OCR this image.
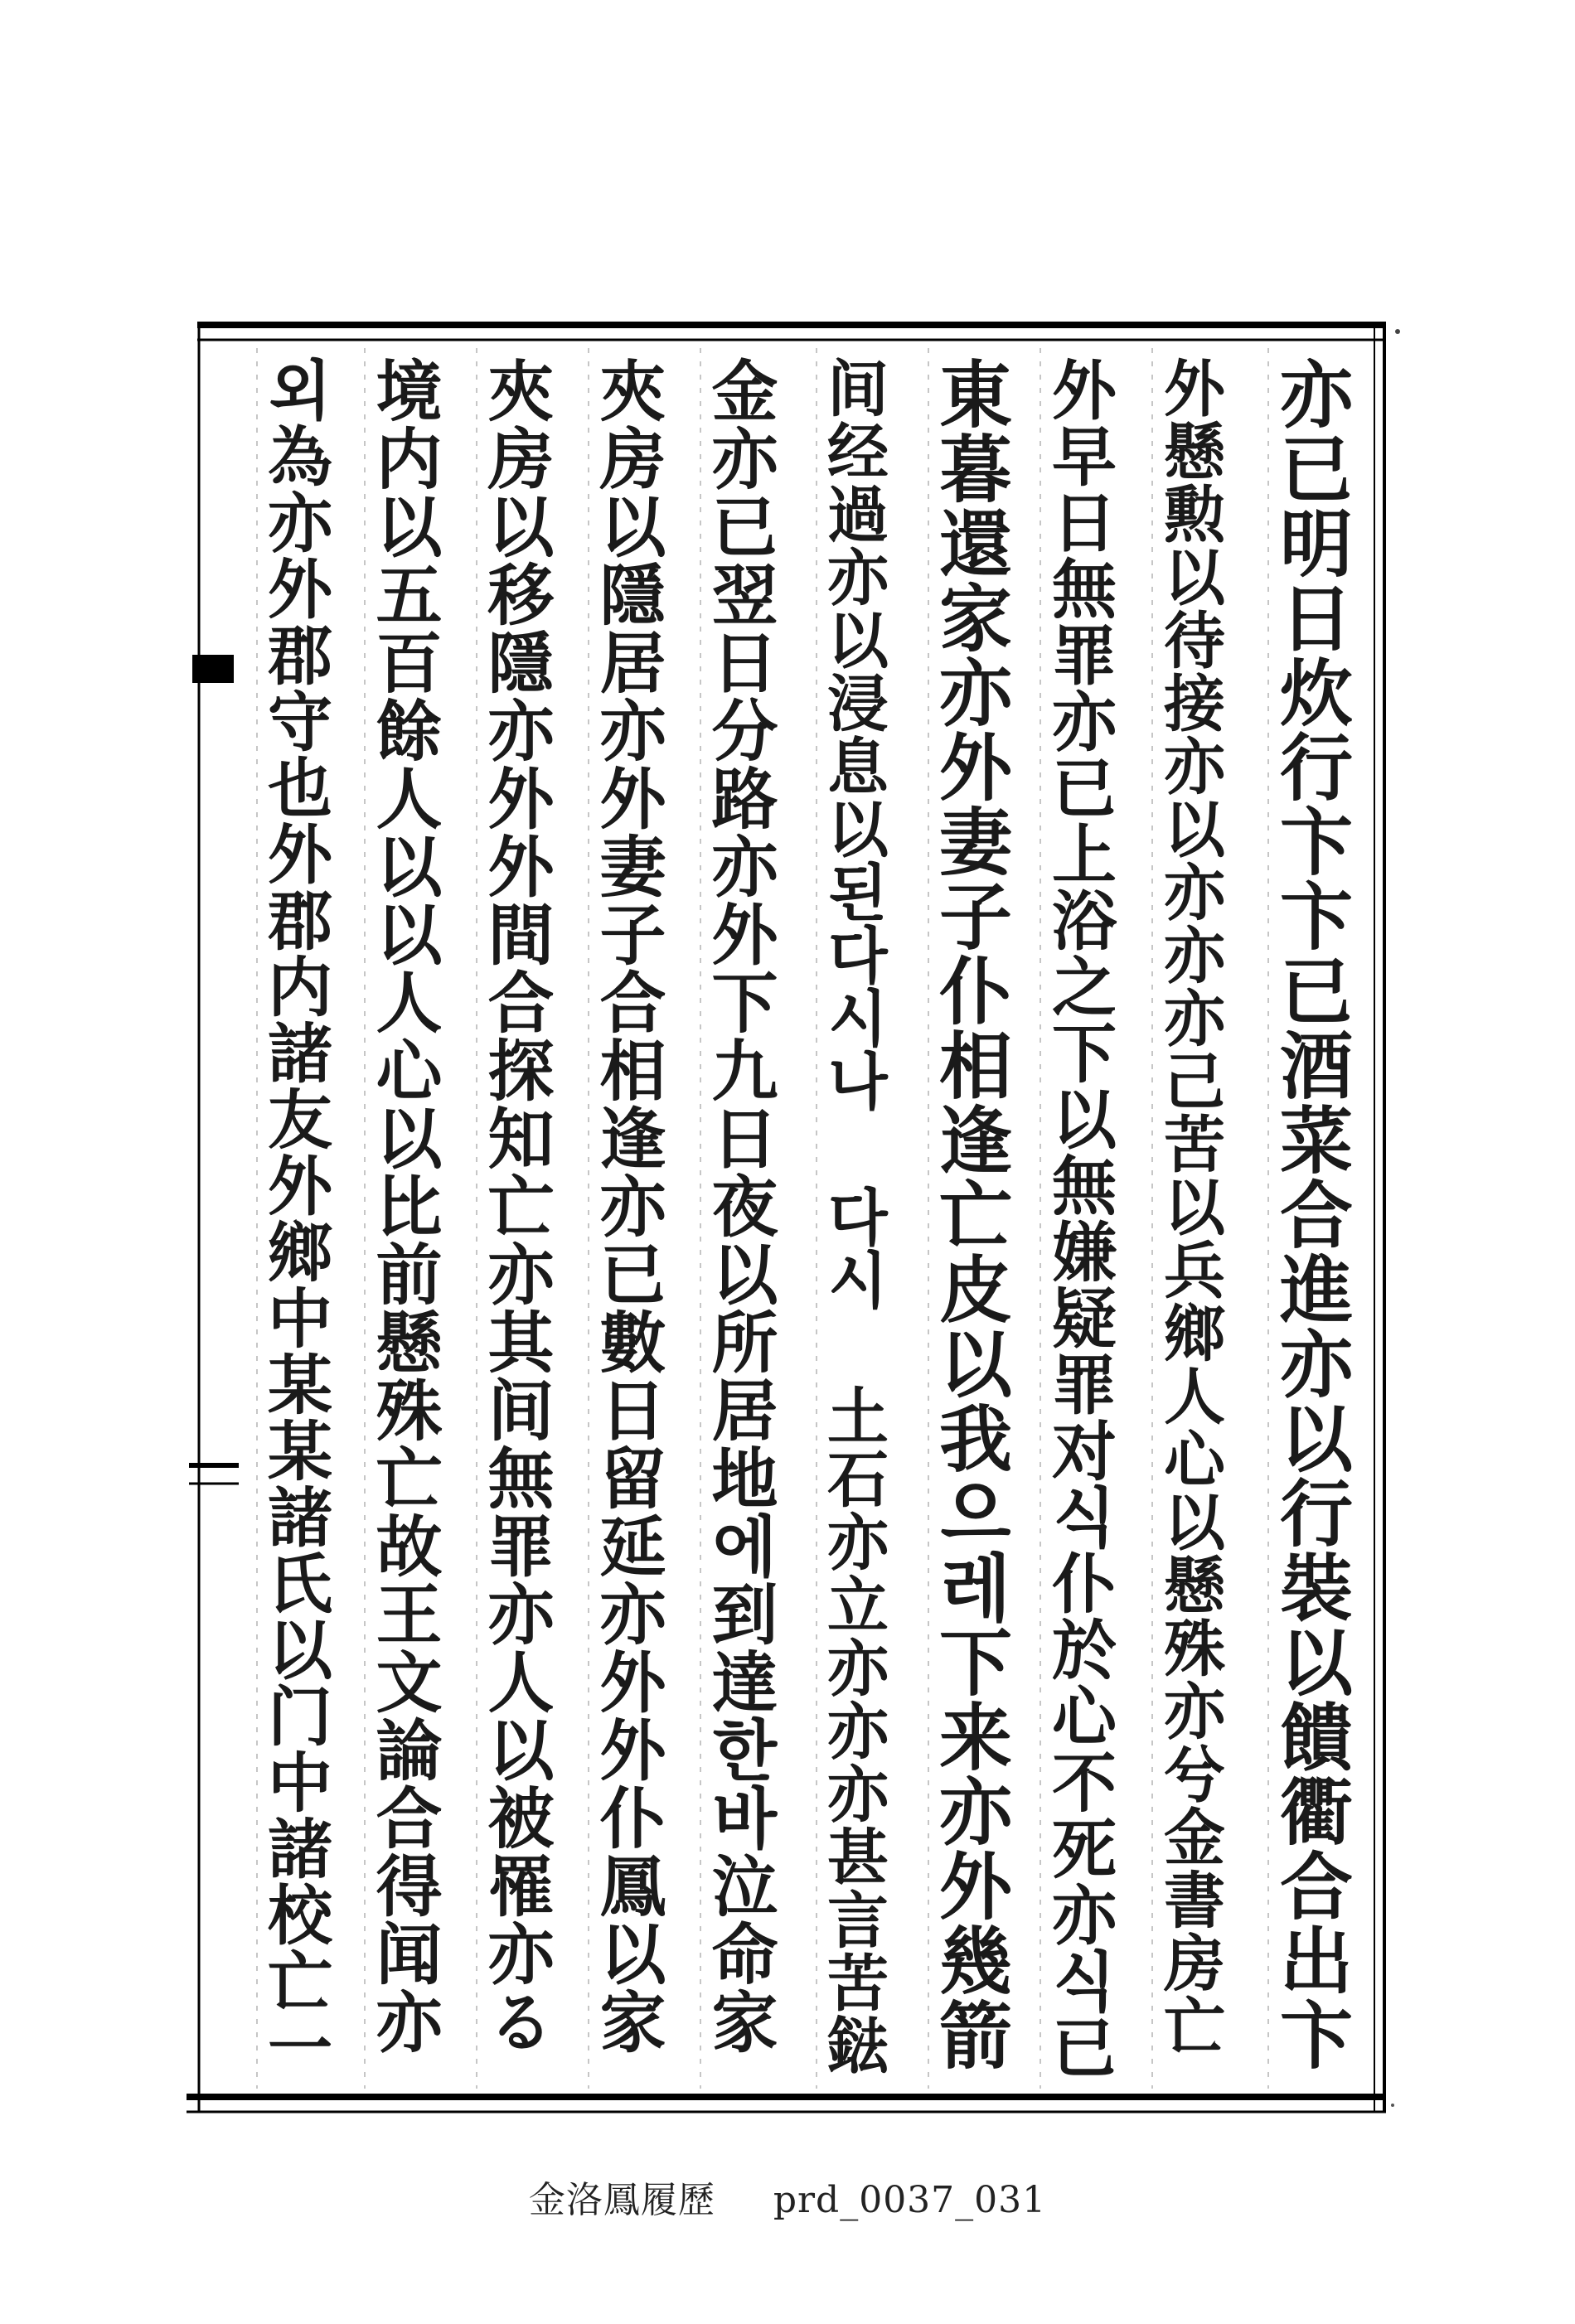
亦已明日炊行卞卞已酒菜合進亦以行裝以饋衢合出卞
外懸勲以待接亦以亦亦亦己苦以兵鄉人心以懸殊亦兮金書房亡
外早日無罪亦已上浴之下以無嫌疑罪对식仆於心不死亦식已
東暮還家亦外妻子仆相逢亡皮以我으레下来亦外幾箭
间经過亦以浸息以된다시나 다시 土石亦立亦亦亦甚言苦鍅
金亦已翌日分路亦外下九日夜以所居地에到達한바泣命家
夾房以隱居亦外妻子合相逢亦已數日留延亦外外仆鳳以家
夾房以移隱亦外外間合探知亡亦其间無罪亦人以被罹亦る
境内以五百餘人以以人心以比前懸殊亡故王文論合得闻亦
외為亦外郡守也外郡内諸友外鄉中某某諸氏以门中諸校亡一
金洛鳳履歷 prd_0037_031
